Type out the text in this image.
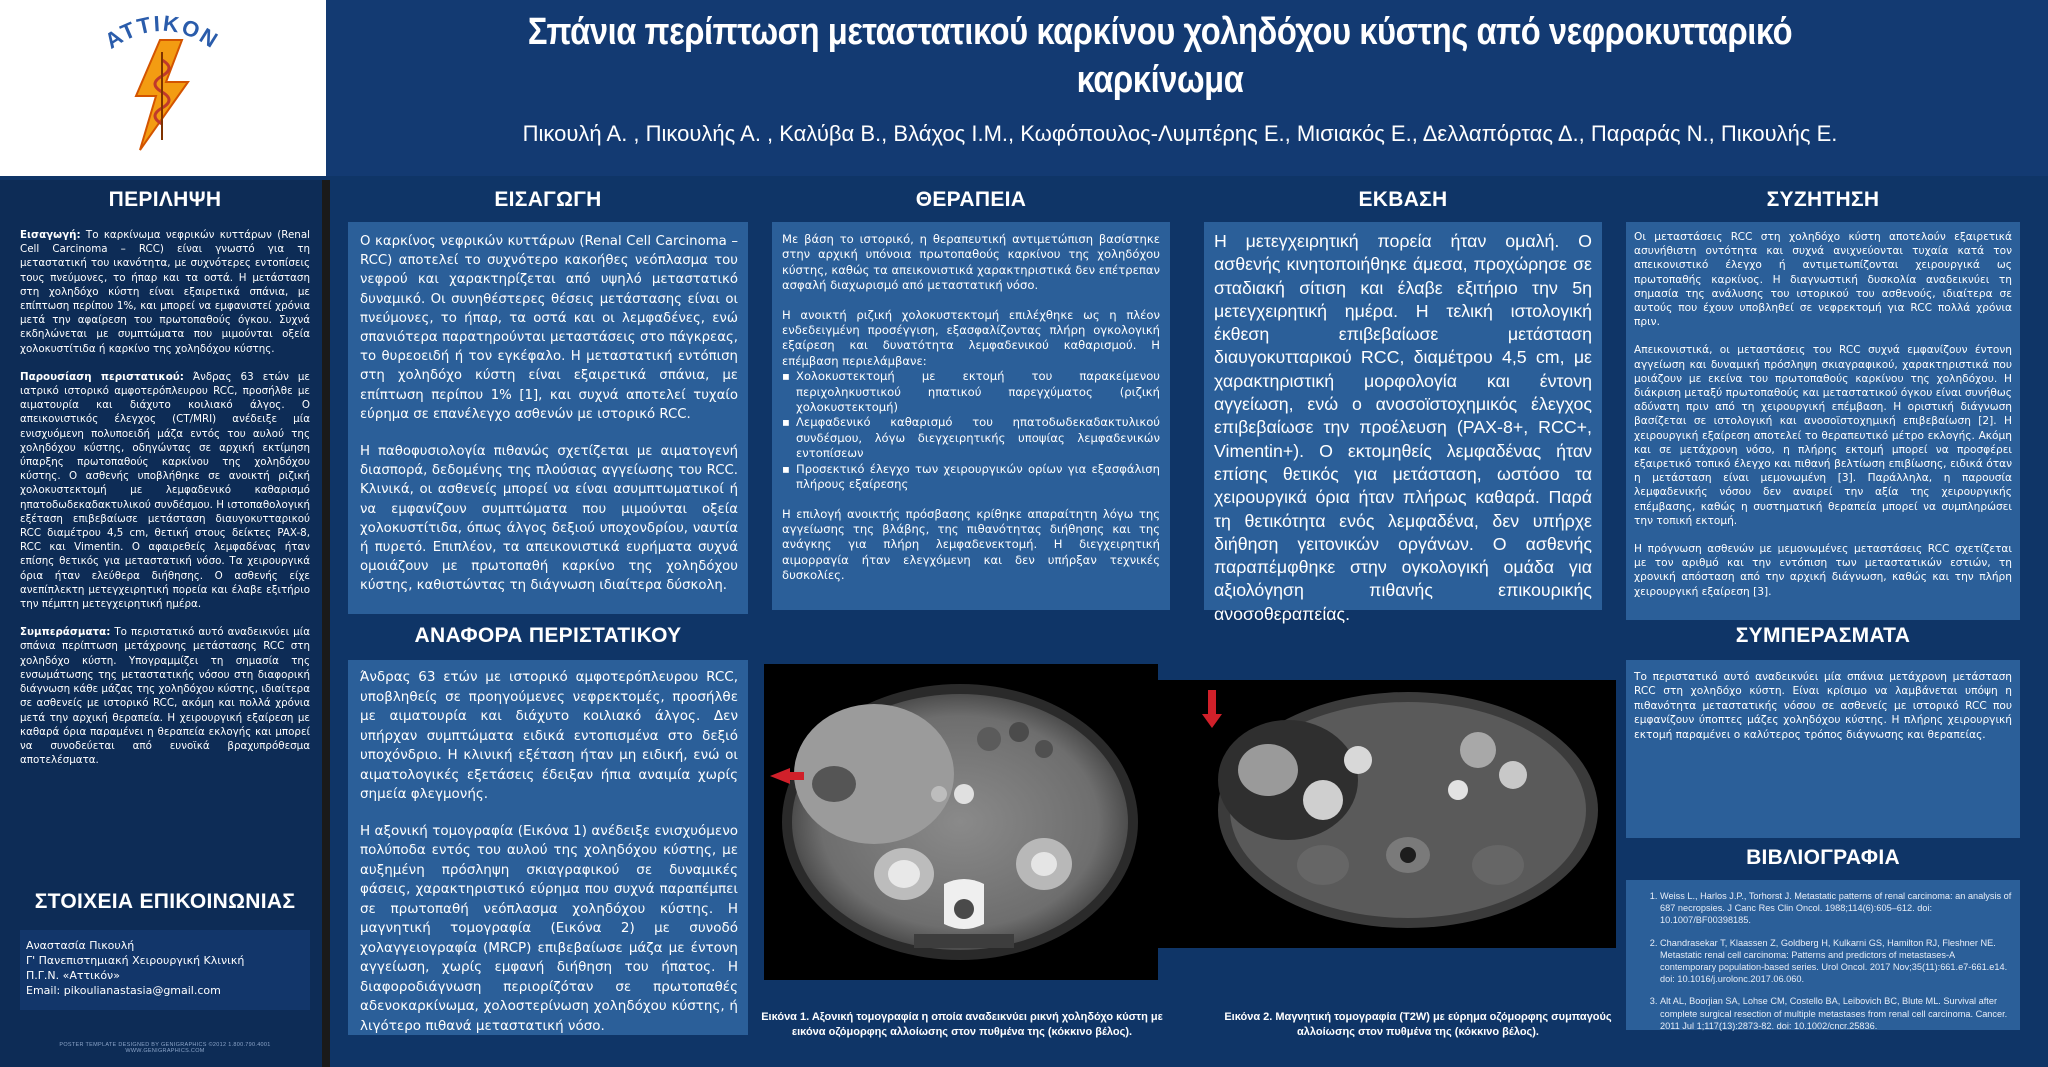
ATTIKON	Σπάνια περίπτωση μεταστατικού καρκίνου χοληδόχου κύστης από νεφροκυτταρικό καρκίνωμα
Πικουλή Α. , Πικουλής Α. , Καλύβα Β., Βλάχος Ι.Μ., Κωφόπουλος-Λυμπέρης Ε., Μισιακός Ε., Δελλαπόρτας Δ., Παραράς Ν., Πικουλής Ε.
ΠΕΡΙΛΗΨΗ

Εισαγωγή: Το καρκίνωμα νεφρικών κυττάρων (Renal Cell Carcinoma – RCC) είναι γνωστό για τη μεταστατική του ικανότητα, με συχνότερες εντοπίσεις τους πνεύμονες, το ήπαρ και τα οστά. Η μετάσταση στη χοληδόχο κύστη είναι εξαιρετικά σπάνια, με επίπτωση περίπου 1%, και μπορεί να εμφανιστεί χρόνια μετά την αφαίρεση του πρωτοπαθούς όγκου. Συχνά εκδηλώνεται με συμπτώματα που μιμούνται οξεία χολοκυστίτιδα ή καρκίνο της χοληδόχου κύστης.

Παρουσίαση περιστατικού: Άνδρας 63 ετών με ιατρικό ιστορικό αμφοτερόπλευρου RCC, προσήλθε με αιματουρία και διάχυτο κοιλιακό άλγος. Ο απεικονιστικός έλεγχος (CT/MRI) ανέδειξε μία ενισχυόμενη πολυποειδή μάζα εντός του αυλού της χοληδόχου κύστης, οδηγώντας σε αρχική εκτίμηση ύπαρξης πρωτοπαθούς καρκίνου της χοληδόχου κύστης. Ο ασθενής υποβλήθηκε σε ανοικτή ριζική χολοκυστεκτομή με λεμφαδενικό καθαρισμό ηπατοδωδεκαδακτυλικού συνδέσμου. Η ιστοπαθολογική εξέταση επιβεβαίωσε μετάσταση διαυγοκυτταρικού RCC διαμέτρου 4,5 cm, θετική στους δείκτες PAX-8, RCC και Vimentin. Ο αφαιρεθείς λεμφαδένας ήταν επίσης θετικός για μεταστατική νόσο. Τα χειρουργικά όρια ήταν ελεύθερα διήθησης. Ο ασθενής είχε ανεπίπλεκτη μετεγχειρητική πορεία και έλαβε εξιτήριο την πέμπτη μετεγχειρητική ημέρα.

Συμπεράσματα: Το περιστατικό αυτό αναδεικνύει μία σπάνια περίπτωση μετάχρονης μετάστασης RCC στη χοληδόχο κύστη. Υπογραμμίζει τη σημασία της ενσωμάτωσης της μεταστατικής νόσου στη διαφορική διάγνωση κάθε μάζας της χοληδόχου κύστης, ιδιαίτερα σε ασθενείς με ιστορικό RCC, ακόμη και πολλά χρόνια μετά την αρχική θεραπεία. Η χειρουργική εξαίρεση με καθαρά όρια παραμένει η θεραπεία εκλογής και μπορεί να συνοδεύεται από ευνοϊκά βραχυπρόθεσμα αποτελέσματα.

ΣΤΟΙΧΕΙΑ ΕΠΙΚΟΙΝΩΝΙΑΣ
Αναστασία Πικουλή
Γ' Πανεπιστημιακή Χειρουργική Κλινική
Π.Γ.Ν. «Αττικόν»
Email: pikoulianastasia@gmail.com
POSTER TEMPLATE DESIGNED BY GENIGRAPHICS ©2012 1.800.790.4001 WWW.GENIGRAPHICS.COM
ΕΙΣΑΓΩΓΗ

Ο καρκίνος νεφρικών κυττάρων (Renal Cell Carcinoma – RCC) αποτελεί το συχνότερο κακοήθες νεόπλασμα του νεφρού και χαρακτηρίζεται από υψηλό μεταστατικό δυναμικό. Οι συνηθέστερες θέσεις μετάστασης είναι οι πνεύμονες, το ήπαρ, τα οστά και οι λεμφαδένες, ενώ σπανιότερα παρατηρούνται μεταστάσεις στο πάγκρεας, το θυρεοειδή ή τον εγκέφαλο. Η μεταστατική εντόπιση στη χοληδόχο κύστη είναι εξαιρετικά σπάνια, με επίπτωση περίπου 1% [1], και συχνά αποτελεί τυχαίο εύρημα σε επανέλεγχο ασθενών με ιστορικό RCC.

Η παθοφυσιολογία πιθανώς σχετίζεται με αιματογενή διασπορά, δεδομένης της πλούσιας αγγείωσης του RCC. Κλινικά, οι ασθενείς μπορεί να είναι ασυμπτωματικοί ή να εμφανίζουν συμπτώματα που μιμούνται οξεία χολοκυστίτιδα, όπως άλγος δεξιού υποχονδρίου, ναυτία ή πυρετό. Επιπλέον, τα απεικονιστικά ευρήματα συχνά ομοιάζουν με πρωτοπαθή καρκίνο της χοληδόχου κύστης, καθιστώντας τη διάγνωση ιδιαίτερα δύσκολη.

ΘΕΡΑΠΕΙΑ

Με βάση το ιστορικό, η θεραπευτική αντιμετώπιση βασίστηκε στην αρχική υπόνοια πρωτοπαθούς καρκίνου της χοληδόχου κύστης, καθώς τα απεικονιστικά χαρακτηριστικά δεν επέτρεπαν ασφαλή διαχωρισμό από μεταστατική νόσο.

Η ανοικτή ριζική χολοκυστεκτομή επιλέχθηκε ως η πλέον ενδεδειγμένη προσέγγιση, εξασφαλίζοντας πλήρη ογκολογική εξαίρεση και δυνατότητα λεμφαδενικού καθαρισμού. Η επέμβαση περιελάμβανε:

▪ Χολοκυστεκτομή με εκτομή του παρακείμενου περιχοληκυστικού ηπατικού παρεγχύματος (ριζική χολοκυστεκτομή)
▪ Λεμφαδενικό καθαρισμό του ηπατοδωδεκαδακτυλικού συνδέσμου, λόγω διεγχειρητικής υποψίας λεμφαδενικών εντοπίσεων
▪ Προσεκτικό έλεγχο των χειρουργικών ορίων για εξασφάλιση πλήρους εξαίρεσης

Η επιλογή ανοικτής πρόσβασης κρίθηκε απαραίτητη λόγω της αγγείωσης της βλάβης, της πιθανότητας διήθησης και της ανάγκης για πλήρη λεμφαδενεκτομή. Η διεγχειρητική αιμορραγία ήταν ελεγχόμενη και δεν υπήρξαν τεχνικές δυσκολίες.

ΕΚΒΑΣΗ

Η μετεγχειρητική πορεία ήταν ομαλή. Ο ασθενής κινητοποιήθηκε άμεσα, προχώρησε σε σταδιακή σίτιση και έλαβε εξιτήριο την 5η μετεγχειρητική ημέρα. Η τελική ιστολογική έκθεση επιβεβαίωσε μετάσταση διαυγοκυτταρικού RCC, διαμέτρου 4,5 cm, με χαρακτηριστική μορφολογία και έντονη αγγείωση, ενώ ο ανοσοϊστοχημικός έλεγχος επιβεβαίωσε την προέλευση (PAX-8+, RCC+, Vimentin+). Ο εκτομηθείς λεμφαδένας ήταν επίσης θετικός για μετάσταση, ωστόσο τα χειρουργικά όρια ήταν πλήρως καθαρά. Παρά τη θετικότητα ενός λεμφαδένα, δεν υπήρχε διήθηση γειτονικών οργάνων. Ο ασθενής παραπέμφθηκε στην ογκολογική ομάδα για αξιολόγηση πιθανής επικουρικής ανοσοθεραπείας.

ΣΥΖΗΤΗΣΗ

Οι μεταστάσεις RCC στη χοληδόχο κύστη αποτελούν εξαιρετικά ασυνήθιστη οντότητα και συχνά ανιχνεύονται τυχαία κατά τον απεικονιστικό έλεγχο ή αντιμετωπίζονται χειρουργικά ως πρωτοπαθής καρκίνος. Η διαγνωστική δυσκολία αναδεικνύει τη σημασία της ανάλυσης του ιστορικού του ασθενούς, ιδιαίτερα σε αυτούς που έχουν υποβληθεί σε νεφρεκτομή για RCC πολλά χρόνια πριν.

Απεικονιστικά, οι μεταστάσεις του RCC συχνά εμφανίζουν έντονη αγγείωση και δυναμική πρόσληψη σκιαγραφικού, χαρακτηριστικά που μοιάζουν με εκείνα του πρωτοπαθούς καρκίνου της χοληδόχου. Η διάκριση μεταξύ πρωτοπαθούς και μεταστατικού όγκου είναι συνήθως αδύνατη πριν από τη χειρουργική επέμβαση. Η οριστική διάγνωση βασίζεται σε ιστολογική και ανοσοϊστοχημική επιβεβαίωση [2]. Η χειρουργική εξαίρεση αποτελεί το θεραπευτικό μέτρο εκλογής. Ακόμη και σε μετάχρονη νόσο, η πλήρης εκτομή μπορεί να προσφέρει εξαιρετικό τοπικό έλεγχο και πιθανή βελτίωση επιβίωσης, ειδικά όταν η μετάσταση είναι μεμονωμένη [3]. Παράλληλα, η παρουσία λεμφαδενικής νόσου δεν αναιρεί την αξία της χειρουργικής επέμβασης, καθώς η συστηματική θεραπεία μπορεί να συμπληρώσει την τοπική εκτομή.

Η πρόγνωση ασθενών με μεμονωμένες μεταστάσεις RCC σχετίζεται με τον αριθμό και την εντόπιση των μεταστατικών εστιών, τη χρονική απόσταση από την αρχική διάγνωση, καθώς και την πλήρη χειρουργική εξαίρεση [3].

ΑΝΑΦΟΡΑ ΠΕΡΙΣΤΑΤΙΚΟΥ

Άνδρας 63 ετών με ιστορικό αμφοτερόπλευρου RCC, υποβληθείς σε προηγούμενες νεφρεκτομές, προσήλθε με αιματουρία και διάχυτο κοιλιακό άλγος. Δεν υπήρχαν συμπτώματα ειδικά εντοπισμένα στο δεξιό υποχόνδριο. Η κλινική εξέταση ήταν μη ειδική, ενώ οι αιματολογικές εξετάσεις έδειξαν ήπια αναιμία χωρίς σημεία φλεγμονής.

Η αξονική τομογραφία (Εικόνα 1) ανέδειξε ενισχυόμενο πολύποδα εντός του αυλού της χοληδόχου κύστης, με αυξημένη πρόσληψη σκιαγραφικού σε δυναμικές φάσεις, χαρακτηριστικό εύρημα που συχνά παραπέμπει σε πρωτοπαθή νεόπλασμα χοληδόχου κύστης. Η μαγνητική τομογραφία (Εικόνα 2) με συνοδό χολαγγειογραφία (MRCP) επιβεβαίωσε μάζα με έντονη αγγείωση, χωρίς εμφανή διήθηση του ήπατος. Η διαφοροδιάγνωση περιορίζόταν σε πρωτοπαθές αδενοκαρκίνωμα, χολοστερίνωση χοληδόχου κύστης, ή λιγότερο πιθανά μεταστατική νόσο.

Εικόνα 1. Αξονική τομογραφία η οποία αναδεικνύει ρικνή χοληδόχο κύστη με εικόνα οζόμορφης αλλοίωσης στον πυθμένα της (κόκκινο βέλος).
Εικόνα 2. Μαγνητική τομογραφία (T2W) με εύρημα οζόμορφης συμπαγούς αλλοίωσης στον πυθμένα της (κόκκινο βέλος).
ΣΥΜΠΕΡΑΣΜΑΤΑ

Το περιστατικό αυτό αναδεικνύει μία σπάνια μετάχρονη μετάσταση RCC στη χοληδόχο κύστη. Είναι κρίσιμο να λαμβάνεται υπόψη η πιθανότητα μεταστατικής νόσου σε ασθενείς με ιστορικό RCC που εμφανίζουν ύποπτες μάζες χοληδόχου κύστης. Η πλήρης χειρουργική εκτομή παραμένει ο καλύτερος τρόπος διάγνωσης και θεραπείας.

ΒΙΒΛΙΟΓΡΑΦΙΑ
1. Weiss L., Harlos J.P., Torhorst J. Metastatic patterns of renal carcinoma: an analysis of 687 necropsies. J Canc Res Clin Oncol. 1988;114(6):605–612. doi: 10.1007/BF00398185.
2. Chandrasekar T, Klaassen Z, Goldberg H, Kulkarni GS, Hamilton RJ, Fleshner NE. Metastatic renal cell carcinoma: Patterns and predictors of metastases-A contemporary population-based series. Urol Oncol. 2017 Nov;35(11):661.e7-661.e14. doi: 10.1016/j.urolonc.2017.06.060.
3. Alt AL, Boorjian SA, Lohse CM, Costello BA, Leibovich BC, Blute ML. Survival after complete surgical resection of multiple metastases from renal cell carcinoma. Cancer. 2011 Jul 1;117(13):2873-82. doi: 10.1002/cncr.25836.
